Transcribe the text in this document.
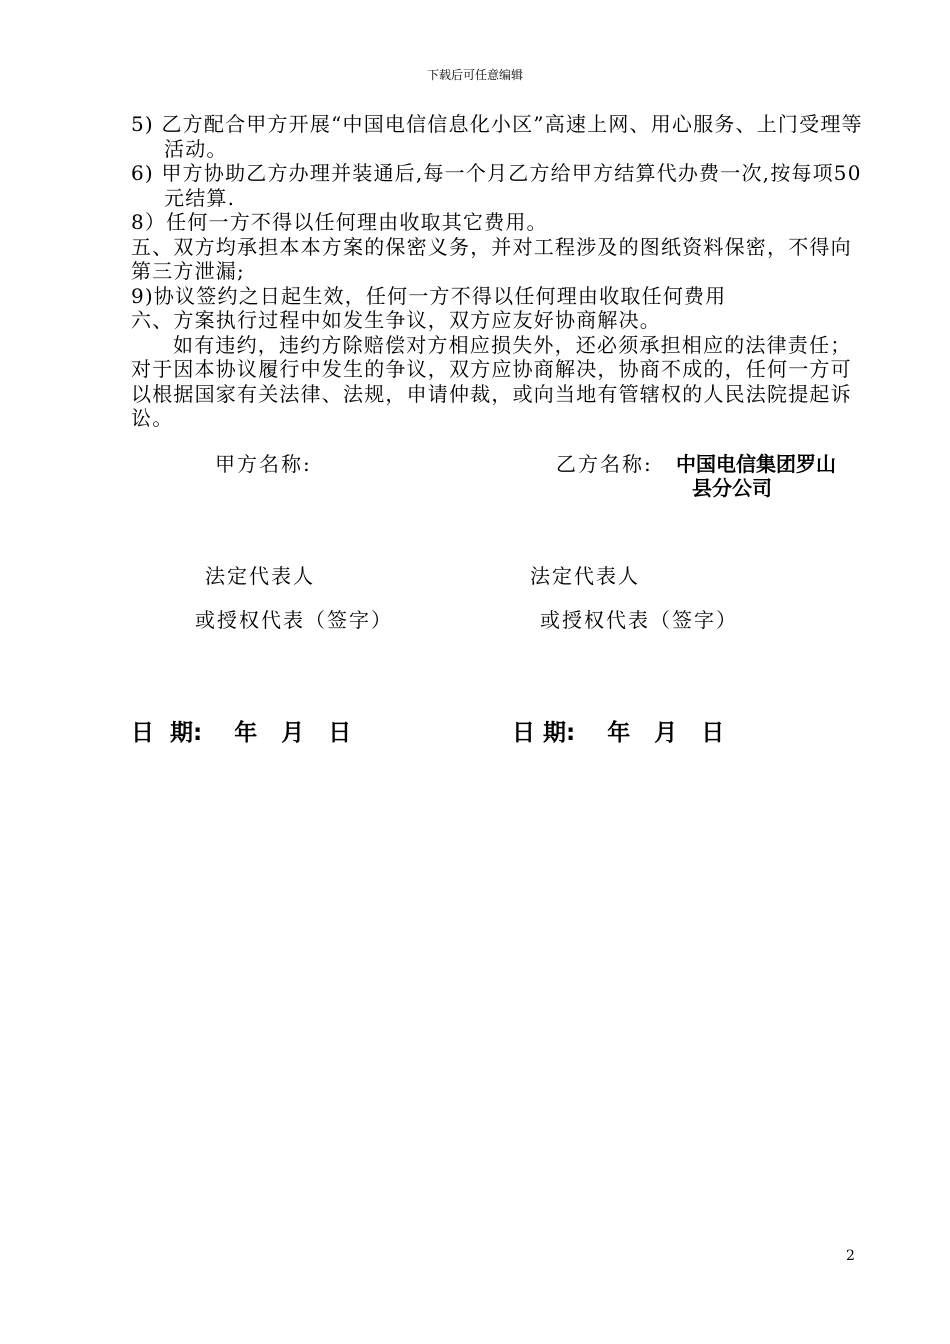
下载后可任意编辑

5) 乙方配合甲方开展“中国电信信息化小区”高速上网、用心服务、上门受理等活动。

6) 甲方协助乙方办理并装通后,每一个月乙方给甲方结算代办费一次,按每项50元结算.

8）任何一方不得以任何理由收取其它费用。

五、双方均承担本本方案的保密义务，并对工程涉及的图纸资料保密，不得向第三方泄漏;

9)协议签约之日起生效，任何一方不得以任何理由收取任何费用

六、方案执行过程中如发生争议，双方应友好协商解决。

如有违约，违约方除赔偿对方相应损失外，还必须承担相应的法律责任；对于因本协议履行中发生的争议，双方应协商解决，协商不成的，任何一方可以根据国家有关法律、法规，申请仲裁，或向当地有管辖权的人民法院提起诉讼。

甲方名称:	乙方名称: 中国电信集团罗山
县分公司
法定代表人	法定代表人
或授权代表（签字）	或授权代表（签字）
日  期:    年   月   日	日 期:    年   月   日
2
